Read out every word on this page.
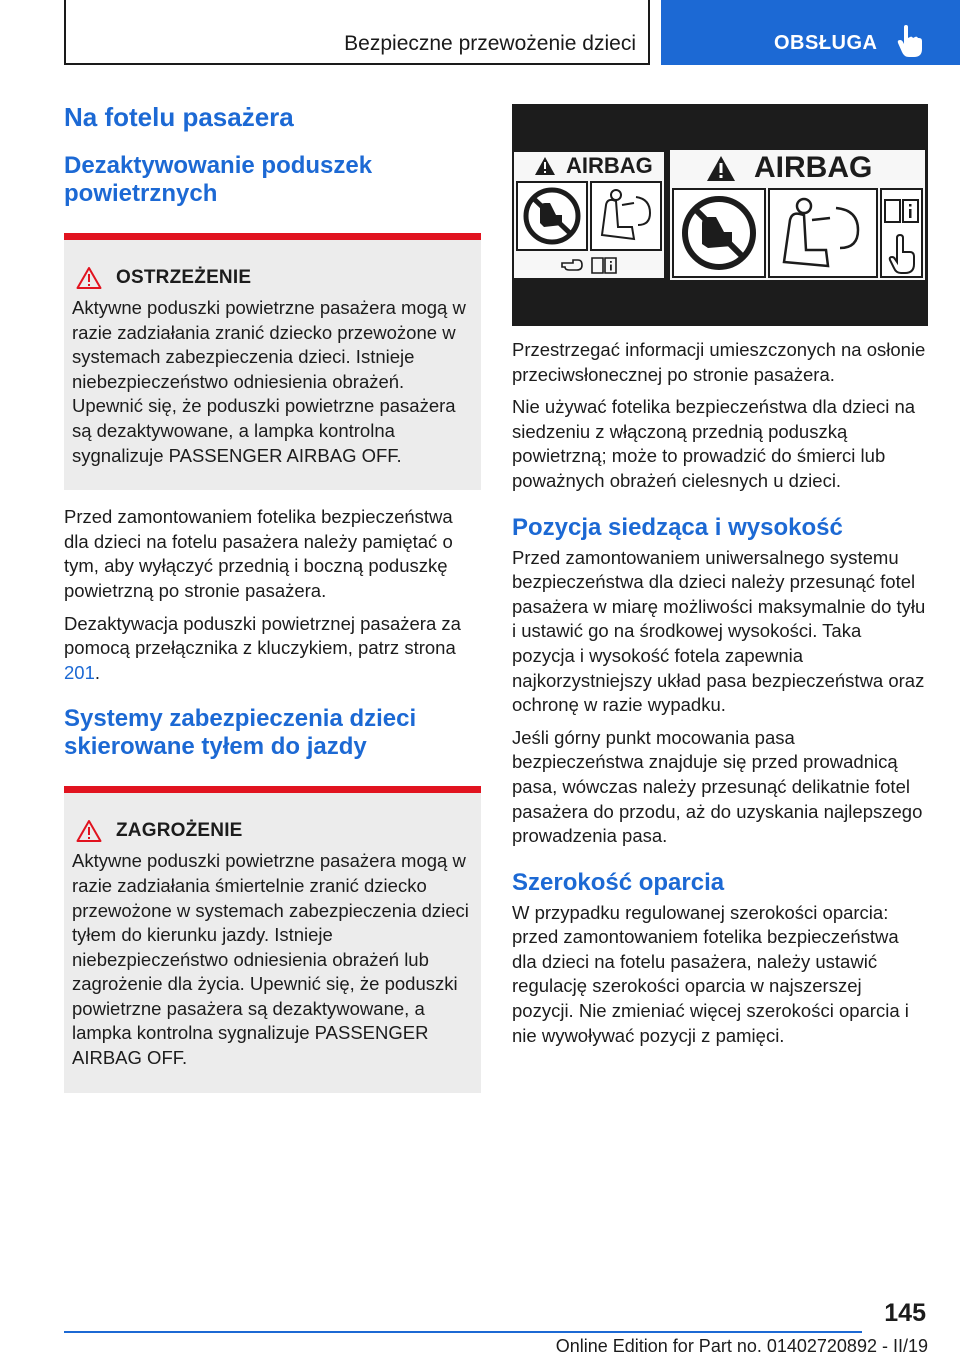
Bezpieczne przewożenie dzieci	OBSŁUGA
Na fotelu pasażera
Dezaktywowanie poduszek powietrznych
OSTRZEŻENIE

Aktywne poduszki powietrzne pasażera mogą w razie zadziałania zranić dziecko przewożone w systemach zabezpieczenia dzieci. Istnieje niebezpieczeństwo odniesienia obrażeń. Upewnić się, że poduszki powietrzne pasażera są dezaktywowane, a lampka kontrolna sygnalizuje PASSENGER AIRBAG OFF.

Przed zamontowaniem fotelika bezpieczeństwa dla dzieci na fotelu pasażera należy pamiętać o tym, aby wyłączyć przednią i boczną poduszkę powietrzną po stronie pasażera.

Dezaktywacja poduszki powietrznej pasażera za pomocą przełącznika z kluczykiem, patrz strona 201.

Systemy zabezpieczenia dzieci skierowane tyłem do jazdy
ZAGROŻENIE

Aktywne poduszki powietrzne pasażera mogą w razie zadziałania śmiertelnie zranić dziecko przewożone w systemach zabezpieczenia dzieci tyłem do kierunku jazdy. Istnieje niebezpieczeństwo odniesienia obrażeń lub zagrożenie dla życia. Upewnić się, że poduszki powietrzne pasażera są dezaktywowane, a lampka kontrolna sygnalizuje PASSENGER AIRBAG OFF.

AIRBAG	AIRBAG

Przestrzegać informacji umieszczonych na osłonie przeciwsłonecznej po stronie pasażera.

Nie używać fotelika bezpieczeństwa dla dzieci na siedzeniu z włączoną przednią poduszką powietrzną; może to prowadzić do śmierci lub poważnych obrażeń cielesnych u dzieci.

Pozycja siedząca i wysokość

Przed zamontowaniem uniwersalnego systemu bezpieczeństwa dla dzieci należy przesunąć fotel pasażera w miarę możliwości maksymalnie do tyłu i ustawić go na środkowej wysokości. Taka pozycja i wysokość fotela zapewnia najkorzystniejszy układ pasa bezpieczeństwa oraz ochronę w razie wypadku.

Jeśli górny punkt mocowania pasa bezpieczeństwa znajduje się przed prowadnicą pasa, wówczas należy przesunąć delikatnie fotel pasażera do przodu, aż do uzyskania najlepszego prowadzenia pasa.

Szerokość oparcia

W przypadku regulowanej szerokości oparcia: przed zamontowaniem fotelika bezpieczeństwa dla dzieci na fotelu pasażera, należy ustawić regulację szerokości oparcia w najszerszej pozycji. Nie zmieniać więcej szerokości oparcia i nie wywoływać pozycji z pamięci.

145
Online Edition for Part no. 01402720892 - II/19
